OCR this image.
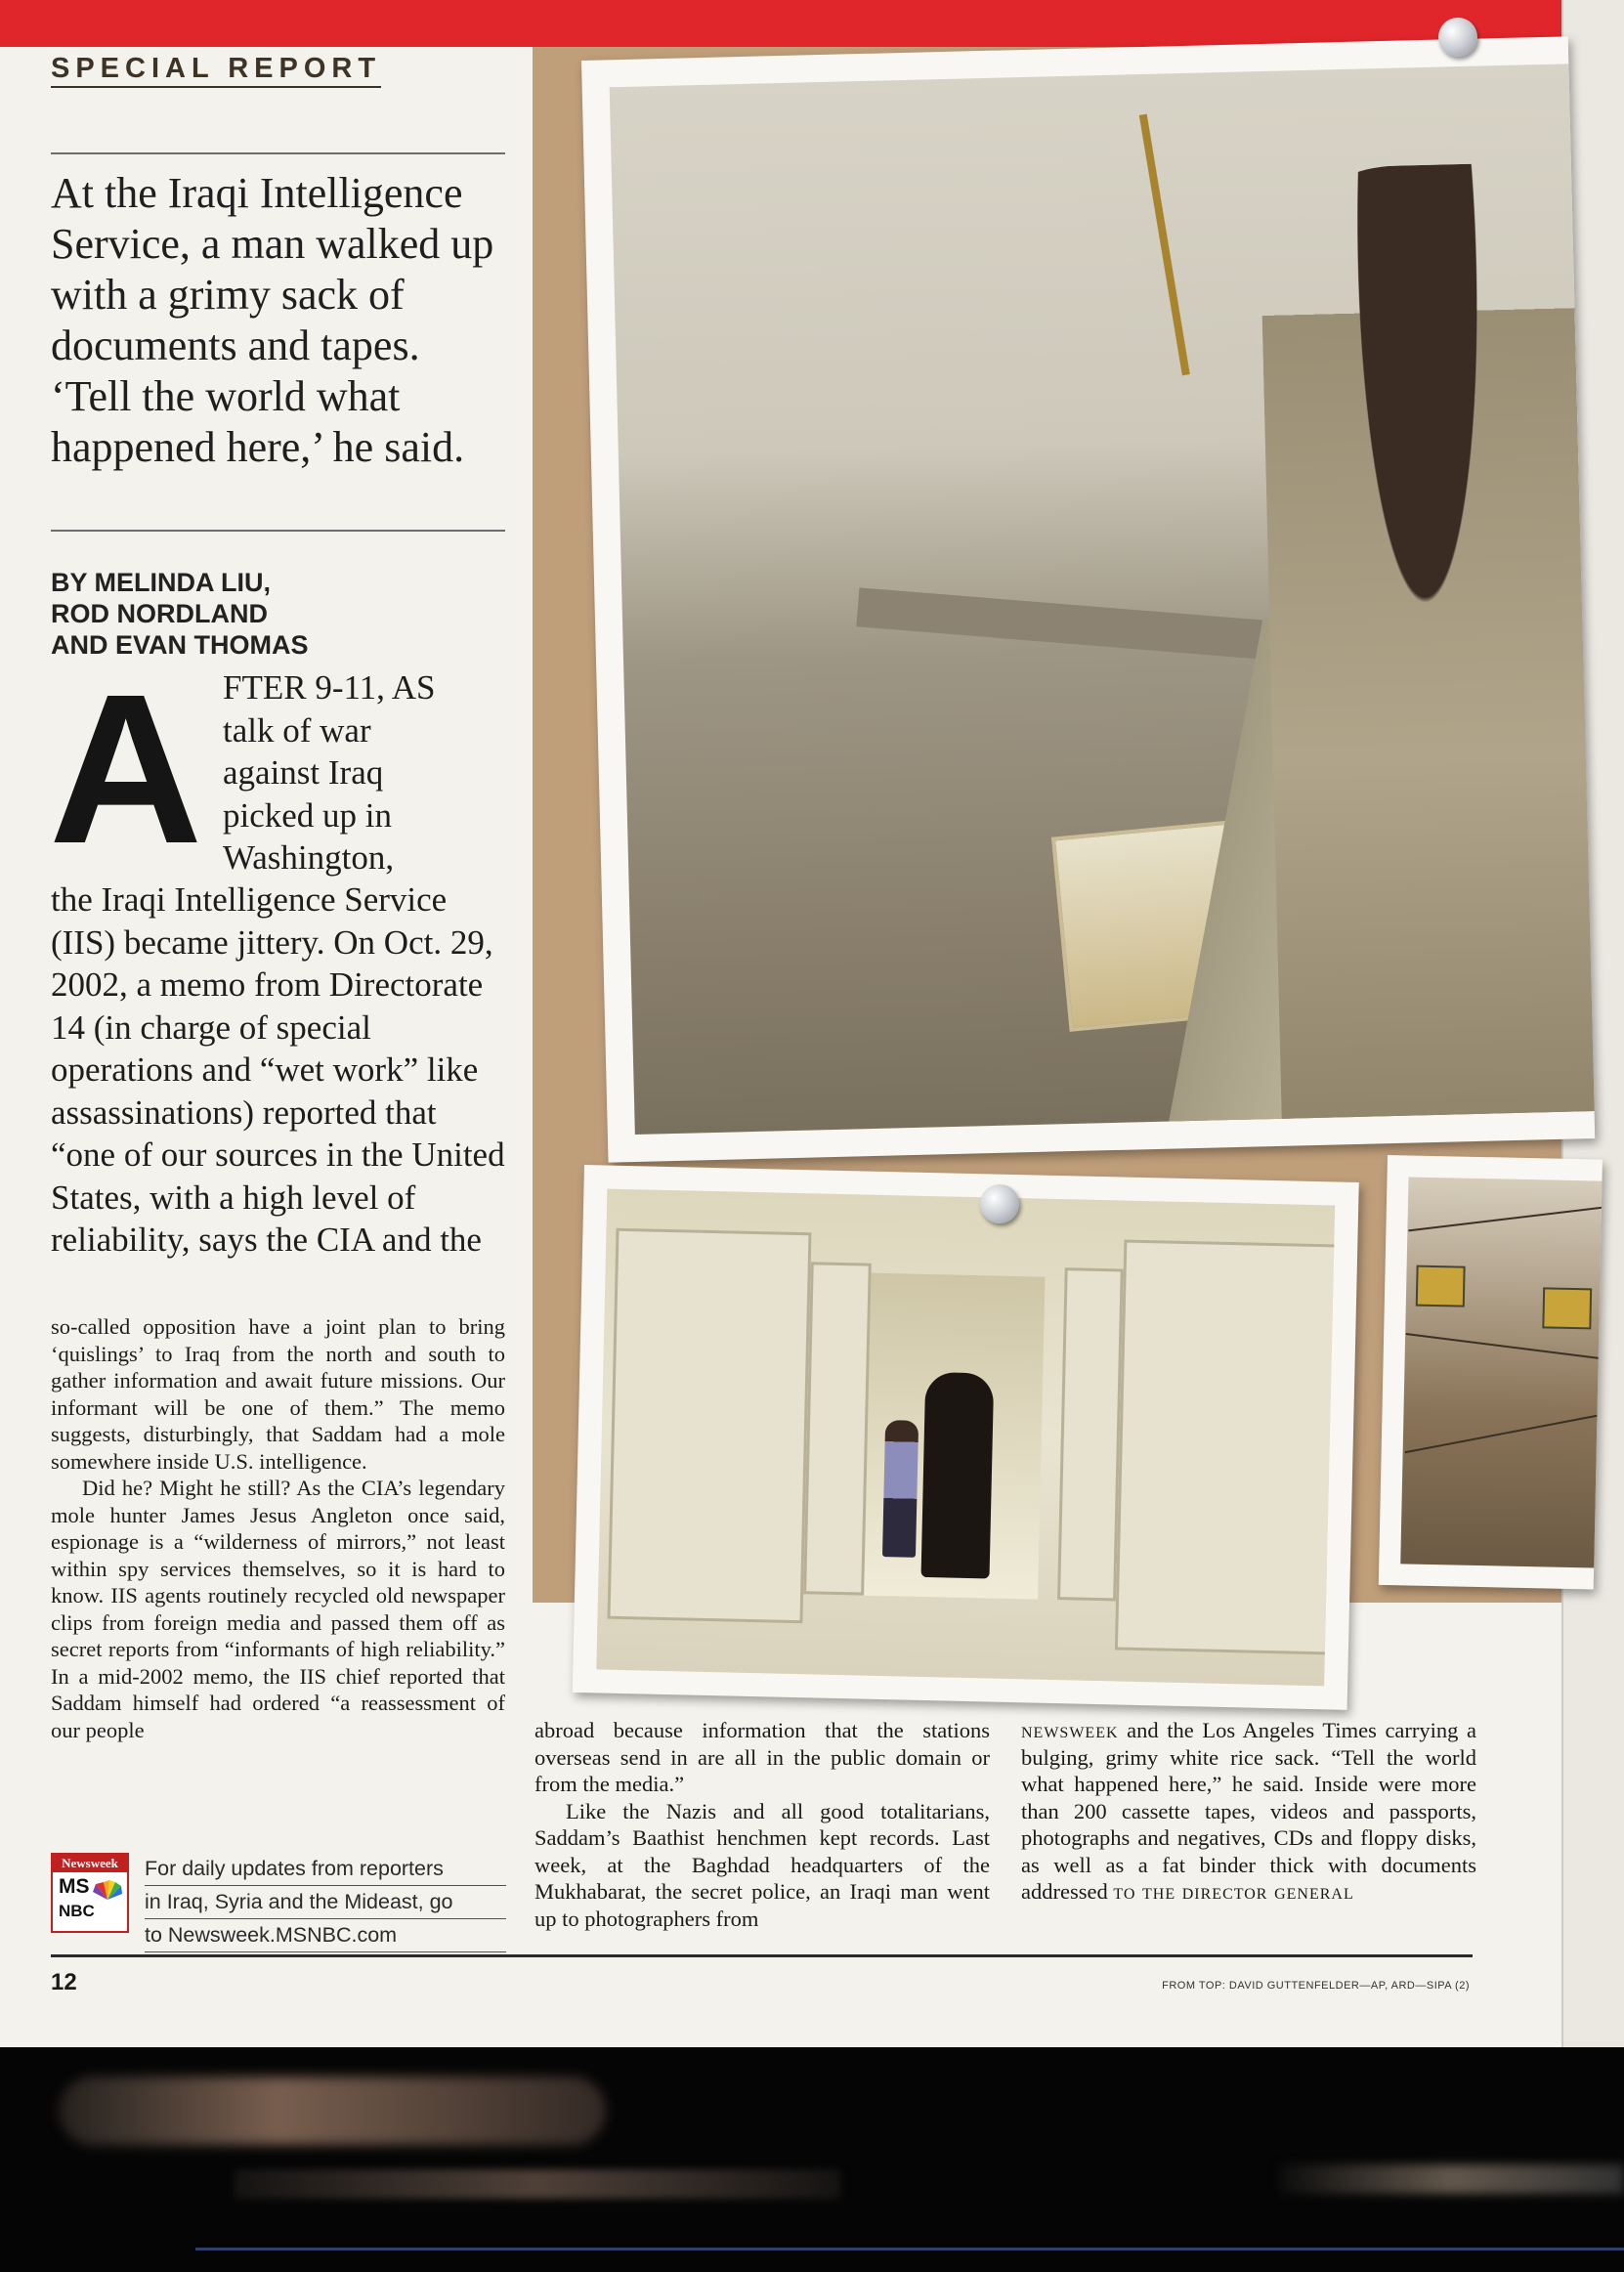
SPECIAL REPORT
At the Iraqi Intelligence Service, a man walked up with a grimy sack of documents and tapes. ‘Tell the world what happened here,’ he said.
BY MELINDA LIU,
ROD NORDLAND
AND EVAN THOMAS
A FTER 9-11, AS
talk of war
against Iraq
picked up in
Washington,
the Iraqi Intelligence Service (IIS) became jittery. On Oct. 29, 2002, a memo from Directorate 14 (in charge of special operations and “wet work” like assassinations) reported that “one of our sources in the United States, with a high level of reliability, says the CIA and the

so-called opposition have a joint plan to bring ‘quislings’ to Iraq from the north and south to gather information and await future missions. Our informant will be one of them.” The memo suggests, disturbingly, that Saddam had a mole somewhere inside U.S. intelligence.

Did he? Might he still? As the CIA’s legendary mole hunter James Jesus Angleton once said, espionage is a “wilderness of mirrors,” not least within spy services themselves, so it is hard to know. IIS agents routinely recycled old newspaper clips from foreign media and passed them off as secret reports from “informants of high reliability.” In a mid-2002 memo, the IIS chief reported that Saddam himself had ordered “a reassessment of our people

Newsweek
MS
NBC
For daily updates from reporters
in Iraq, Syria and the Mideast, go
to Newsweek.MSNBC.com

abroad because information that the stations overseas send in are all in the public domain or from the media.”

Like the Nazis and all good totalitarians, Saddam’s Baathist henchmen kept records. Last week, at the Baghdad headquarters of the Mukhabarat, the secret police, an Iraqi man went up to photographers from

newsweek and the Los Angeles Times carrying a bulging, grimy white rice sack. “Tell the world what happened here,” he said. Inside were more than 200 cassette tapes, videos and passports, photographs and negatives, CDs and floppy disks, as well as a fat binder thick with documents addressed to the director general

12	FROM TOP: DAVID GUTTENFELDER—AP, ARD—SIPA (2)
